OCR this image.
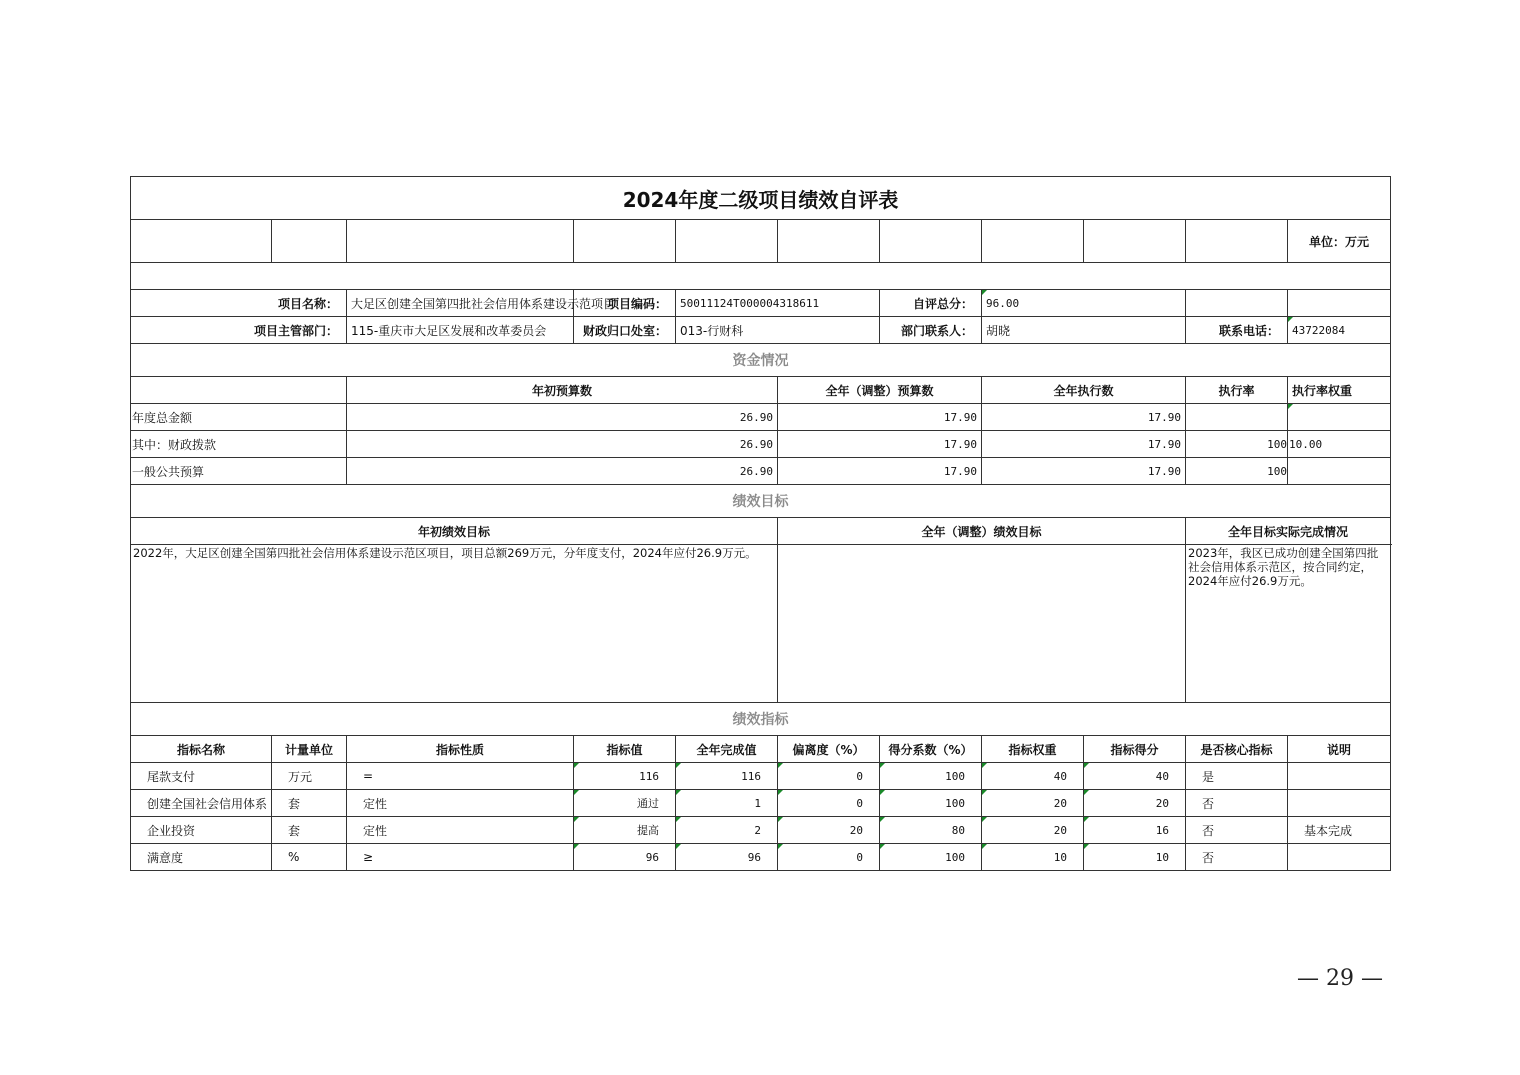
2024年度二级项目绩效自评表											
										单位：万元	

项目名称：		大足区创建全国第四批社会信用体系建设示范项目	项目编码：	50011124T000004318611		自评总分：	96.00				
项目主管部门：		115-重庆市大足区发展和改革委员会	财政归口处室：	013-行财科		部门联系人：	胡晓		联系电话：	43722084	
资金情况											
		年初预算数			全年（调整）预算数		全年执行数		执行率	执行率权重	
年度总金额		26.90			17.90		17.90				
其中：财政拨款		26.90			17.90		17.90		100	10.00	
一般公共预算		26.90			17.90		17.90		100		
绩效目标											
年初绩效目标					全年（调整）绩效目标				全年目标实际完成情况		
2022年，大足区创建全国第四批社会信用体系建设示范区项目，项目总额269万元，分年度支付，2024年应付26.9万元。									2023年，我区已成功创建全国第四批社会信用体系示范区，按合同约定，2024年应付26.9万元。		
绩效指标											
指标名称	计量单位	指标性质	指标值	全年完成值	偏离度（%）	得分系数（%）	指标权重	指标得分	是否核心指标	说明	
尾款支付	万元	=	116	116	0	100	40	40	是		
创建全国社会信用体系	套	定性	通过	1	0	100	20	20	否		
企业投资	套	定性	提高	2	20	80	20	16	否	基本完成	
满意度	%	≥	96	96	0	100	10	10	否		
— 29 —
